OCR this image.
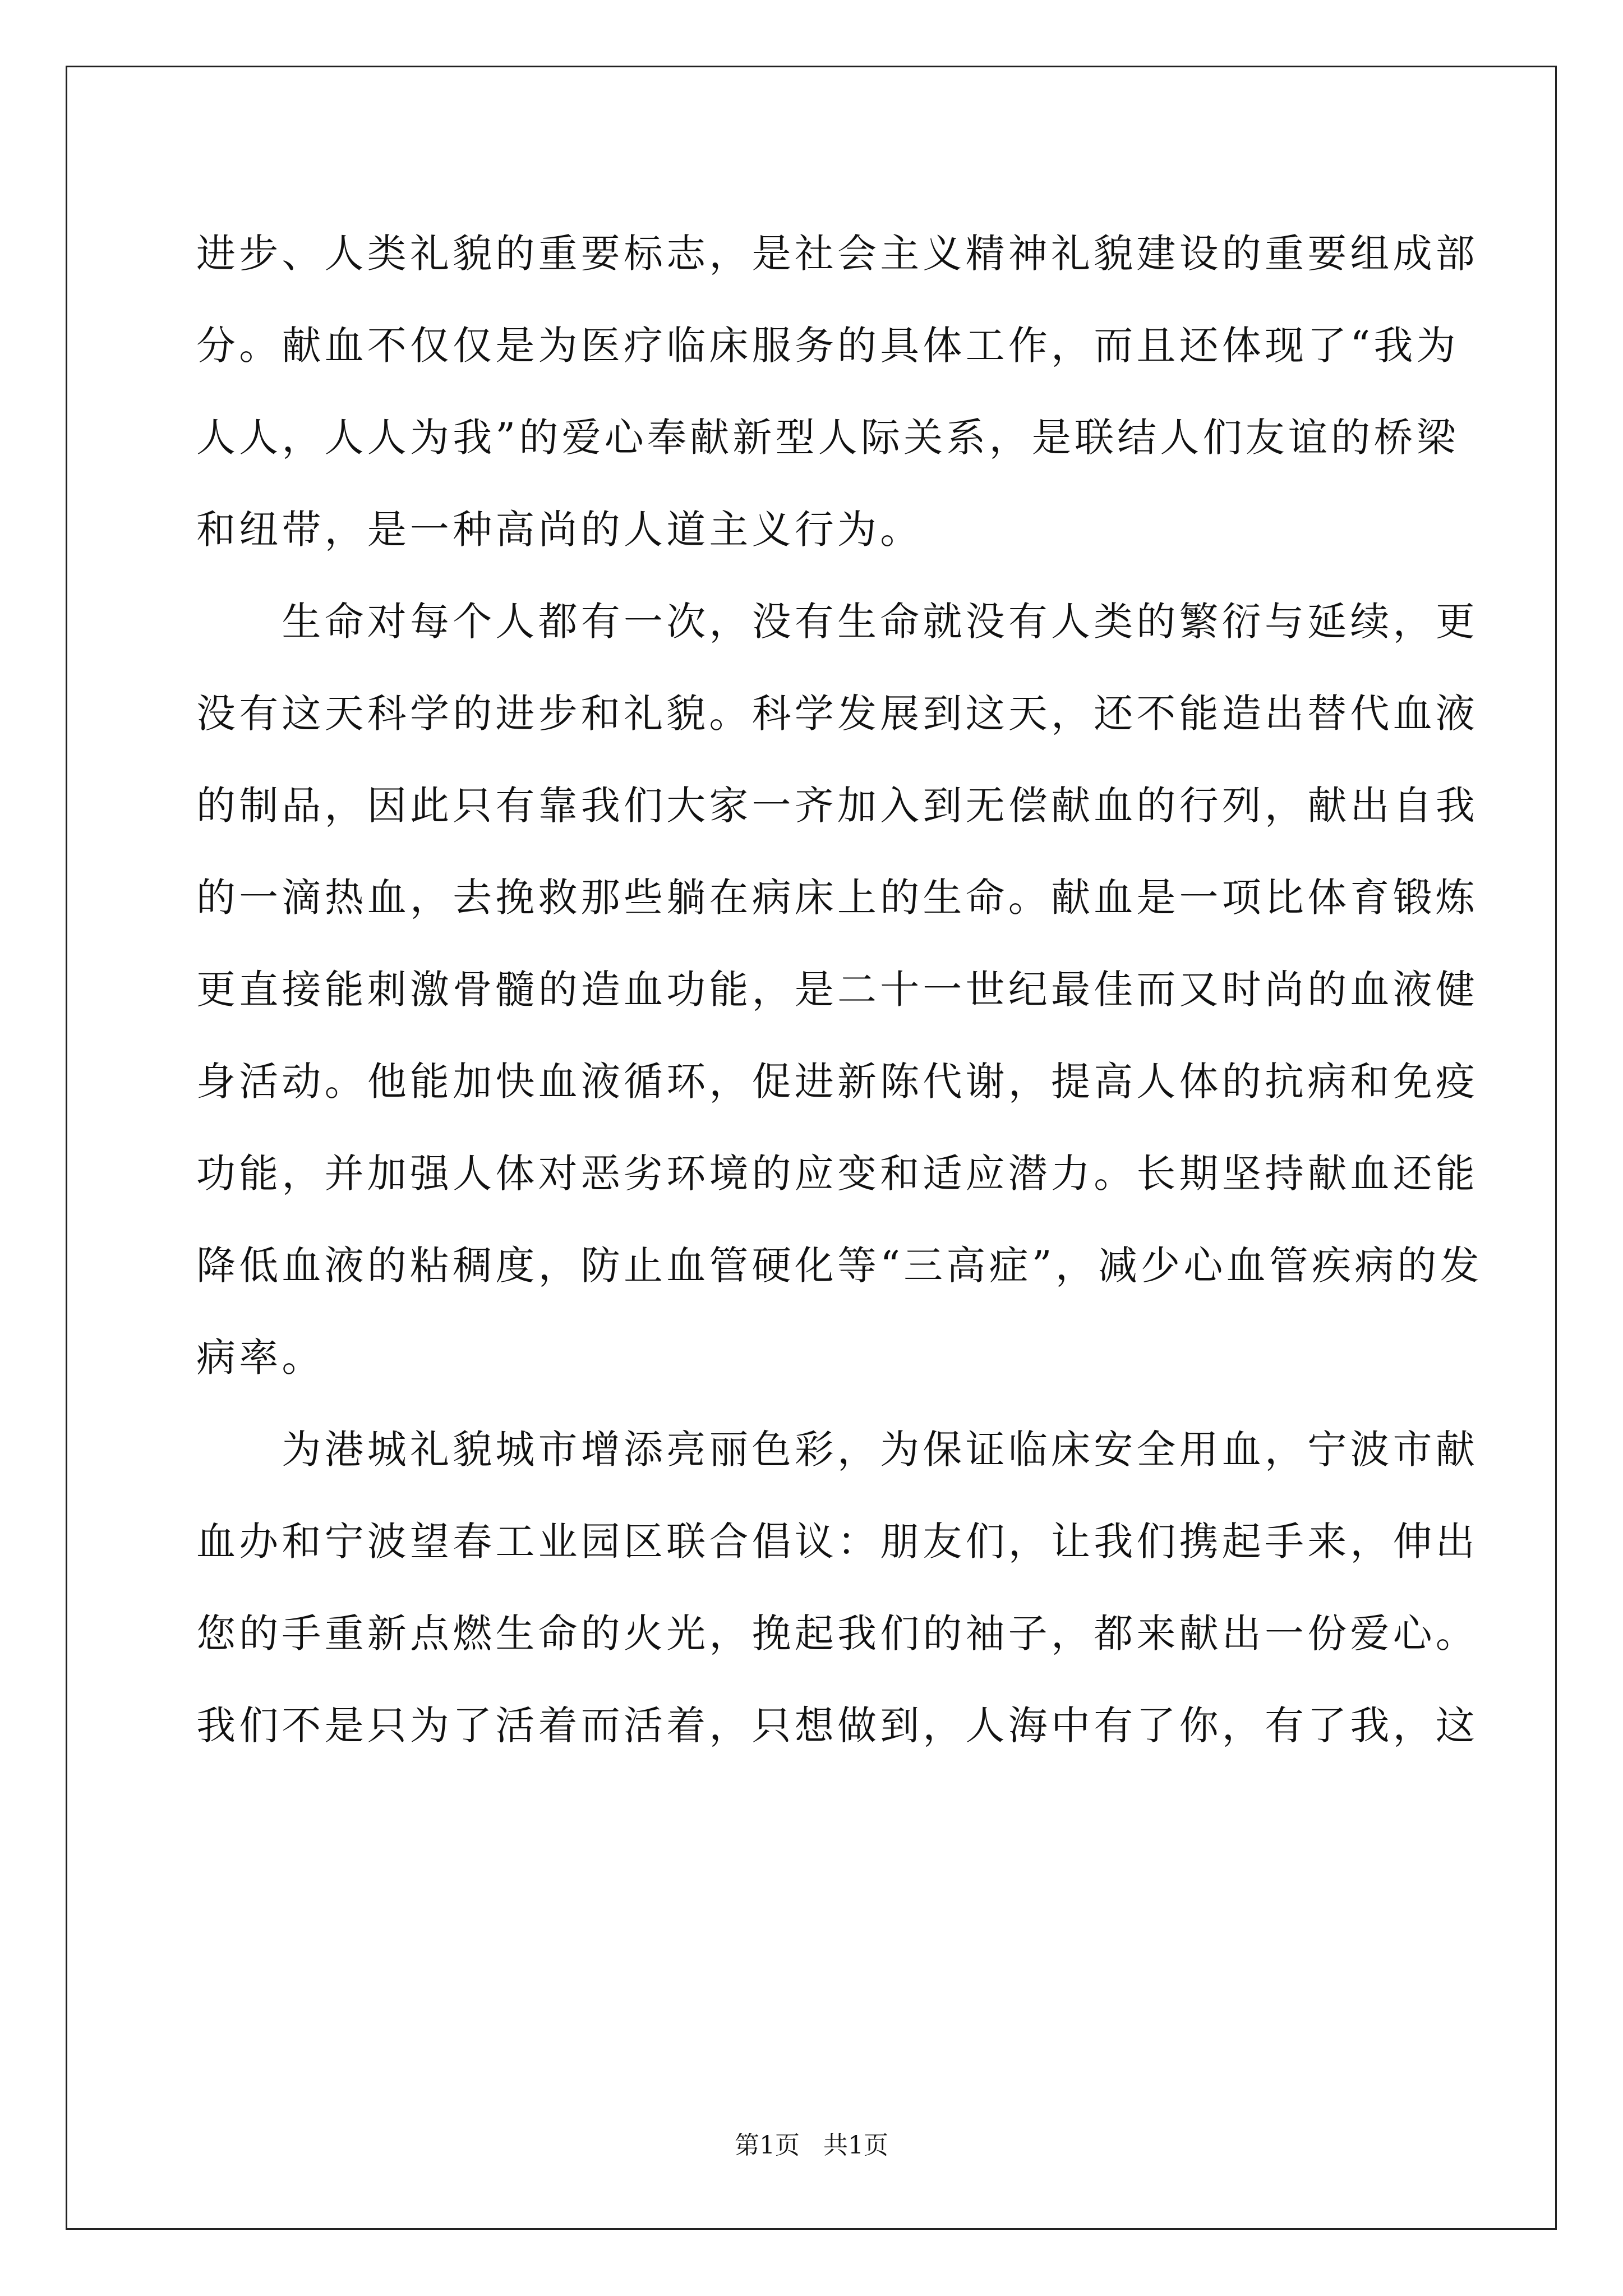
进步、人类礼貌的重要标志，是社会主义精神礼貌建设的重要组成部
分。献血不仅仅是为医疗临床服务的具体工作，而且还体现了“我为
人人，人人为我”的爱心奉献新型人际关系，是联结人们友谊的桥梁
和纽带，是一种高尚的人道主义行为。
　　生命对每个人都有一次，没有生命就没有人类的繁衍与延续，更
没有这天科学的进步和礼貌。科学发展到这天，还不能造出替代血液
的制品，因此只有靠我们大家一齐加入到无偿献血的行列，献出自我
的一滴热血，去挽救那些躺在病床上的生命。献血是一项比体育锻炼
更直接能刺激骨髓的造血功能，是二十一世纪最佳而又时尚的血液健
身活动。他能加快血液循环，促进新陈代谢，提高人体的抗病和免疫
功能，并加强人体对恶劣环境的应变和适应潜力。长期坚持献血还能
降低血液的粘稠度，防止血管硬化等“三高症”，减少心血管疾病的发
病率。
　　为港城礼貌城市增添亮丽色彩，为保证临床安全用血，宁波市献
血办和宁波望春工业园区联合倡议：朋友们，让我们携起手来，伸出
您的手重新点燃生命的火光，挽起我们的袖子，都来献出一份爱心。
我们不是只为了活着而活着，只想做到，人海中有了你，有了我，这
第1页   共1页
